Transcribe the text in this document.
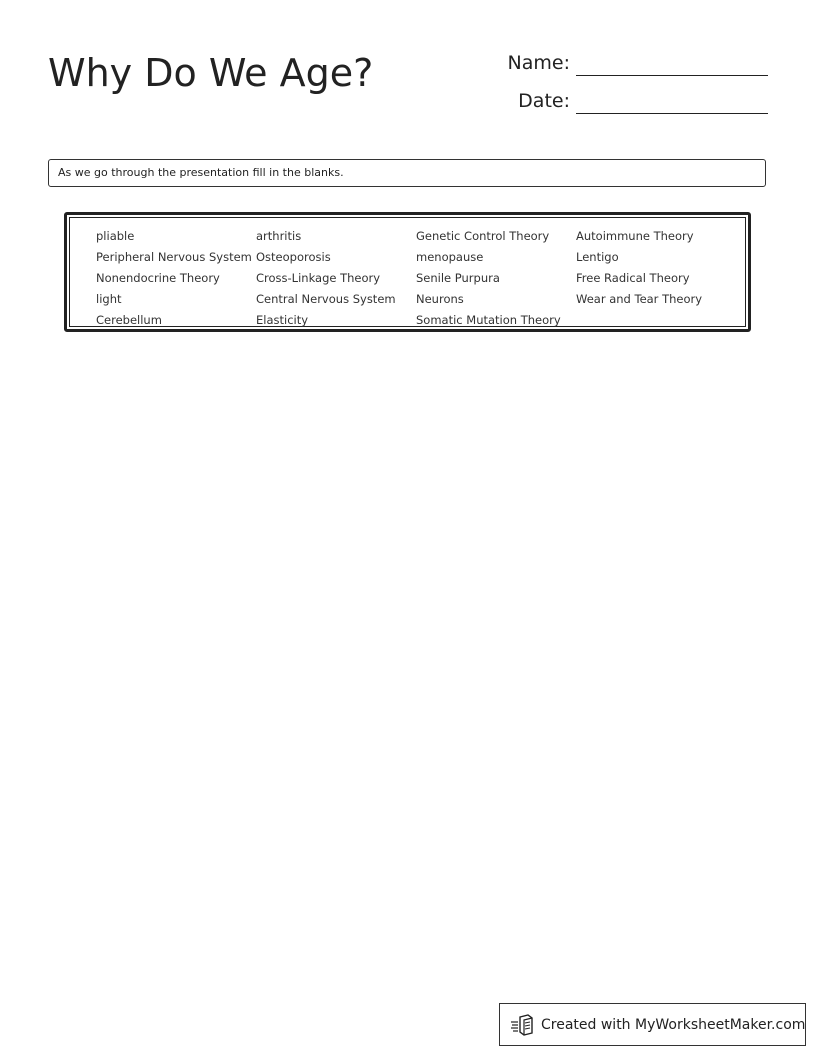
Why Do We Age?	Name:
Date:
As we go through the presentation fill in the blanks.
pliable
Peripheral Nervous System
Nonendocrine Theory
light
Cerebellum
arthritis
Osteoporosis
Cross-Linkage Theory
Central Nervous System
Elasticity
Genetic Control Theory
menopause
Senile Purpura
Neurons
Somatic Mutation Theory
Autoimmune Theory
Lentigo
Free Radical Theory
Wear and Tear Theory
Created with MyWorksheetMaker.com
